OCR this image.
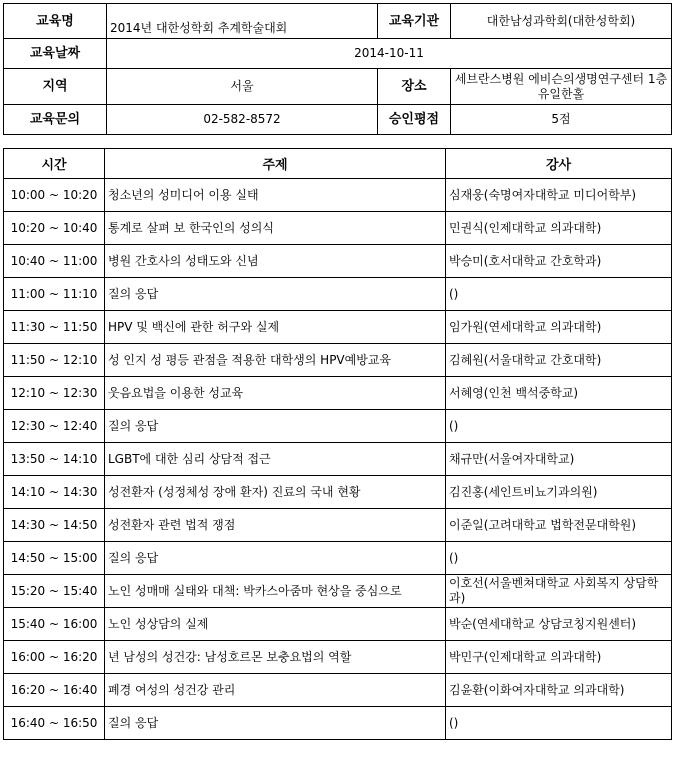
교육명	2014년 대한성학회 추계학술대회	교육기관	대한남성과학회(대한성학회)
교육날짜	2014-10-11		
지역	서울	장소	세브란스병원 에비슨의생명연구센터 1층 유일한홀
교육문의	02-582-8572	승인평점	5점
시간	주제	강사
10:00 ~ 10:20	청소년의 성미디어 이용 실태	심재웅(숙명여자대학교 미디어학부)
10:20 ~ 10:40	통계로 살펴 보 한국인의 성의식	민권식(인제대학교 의과대학)
10:40 ~ 11:00	병원 간호사의 성태도와 신념	박승미(호서대학교 간호학과)
11:00 ~ 11:10	질의 응답	()
11:30 ~ 11:50	HPV 및 백신에 관한 허구와 실제	임가원(연세대학교 의과대학)
11:50 ~ 12:10	성 인지 성 평등 관점을 적용한 대학생의 HPV예방교육	김혜원(서울대학교 간호대학)
12:10 ~ 12:30	웃음요법을 이용한 성교육	서혜영(인천 백석중학교)
12:30 ~ 12:40	질의 응답	()
13:50 ~ 14:10	LGBT에 대한 심리 상담적 접근	채규만(서울여자대학교)
14:10 ~ 14:30	성전환자 (성정체성 장애 환자) 진료의 국내 현황	김진홍(세인트비뇨기과의원)
14:30 ~ 14:50	성전환자 관련 법적 쟁점	이준일(고려대학교 법학전문대학원)
14:50 ~ 15:00	질의 응답	()
15:20 ~ 15:40	노인 성매매 실태와 대책: 박카스아줌마 현상을 중심으로	이호선(서울벤쳐대학교 사회복지 상담학과)
15:40 ~ 16:00	노인 성상담의 실제	박순(연세대학교 상담코칭지원센터)
16:00 ~ 16:20	년 남성의 성건강: 남성호르몬 보충요법의 역할	박민구(인제대학교 의과대학)
16:20 ~ 16:40	폐경 여성의 성건강 관리	김윤환(이화여자대학교 의과대학)
16:40 ~ 16:50	질의 응답	()
